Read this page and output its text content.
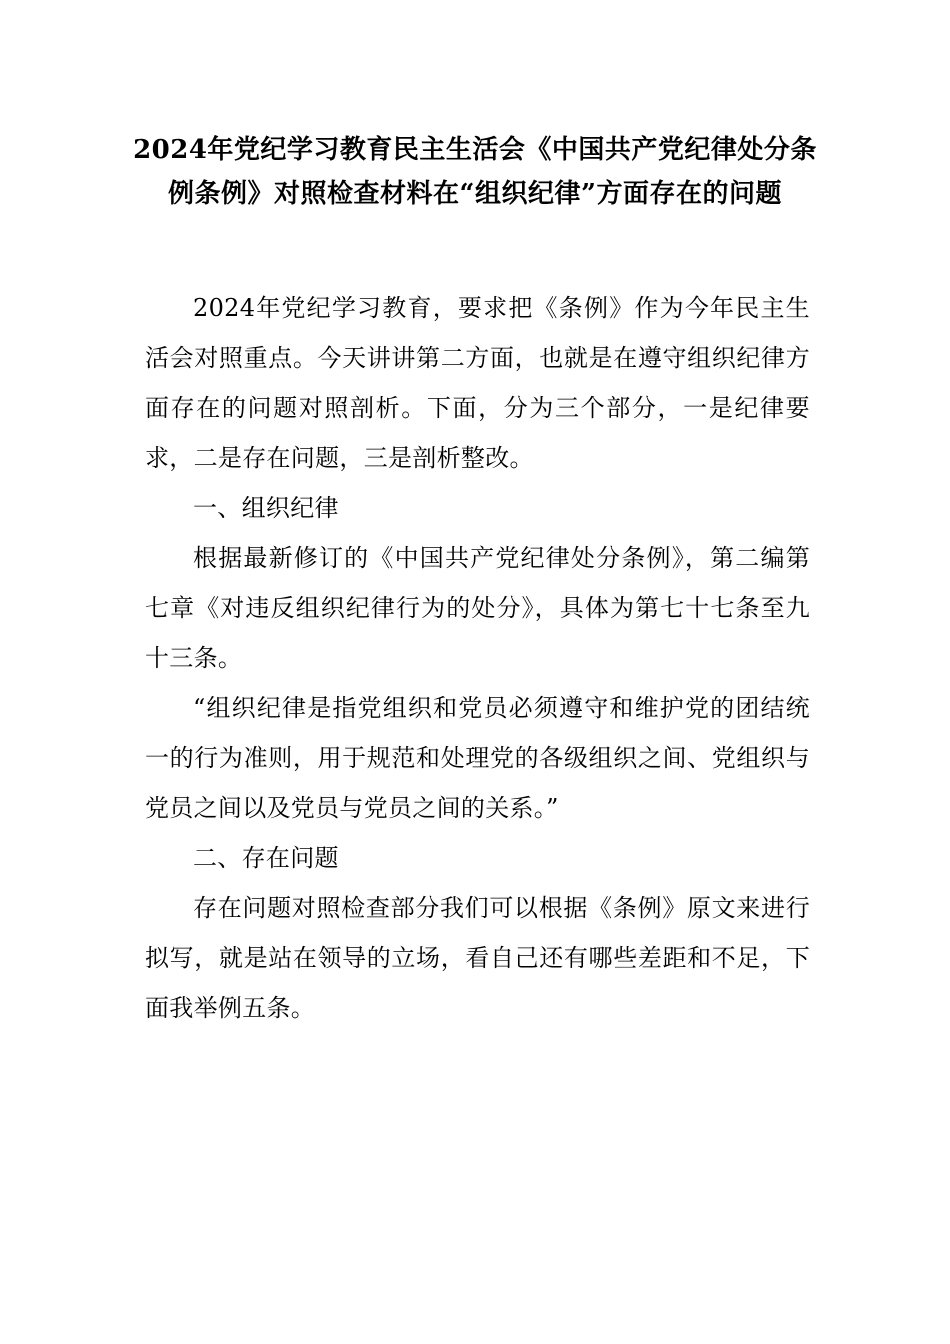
2024年党纪学习教育民主生活会《中国共产党纪律处分条
例条例》对照检查材料在“组织纪律”方面存在的问题

2024年党纪学习教育，要求把《条例》作为今年民主生活会对照重点。今天讲讲第二方面，也就是在遵守组织纪律方面存在的问题对照剖析。下面，分为三个部分，一是纪律要求，二是存在问题，三是剖析整改。

一、组织纪律

根据最新修订的《中国共产党纪律处分条例》，第二编第七章《对违反组织纪律行为的处分》，具体为第七十七条至九十三条。

“组织纪律是指党组织和党员必须遵守和维护党的团结统一的行为准则，用于规范和处理党的各级组织之间、党组织与党员之间以及党员与党员之间的关系。”

二、存在问题

存在问题对照检查部分我们可以根据《条例》原文来进行拟写，就是站在领导的立场，看自己还有哪些差距和不足，下面我举例五条。
